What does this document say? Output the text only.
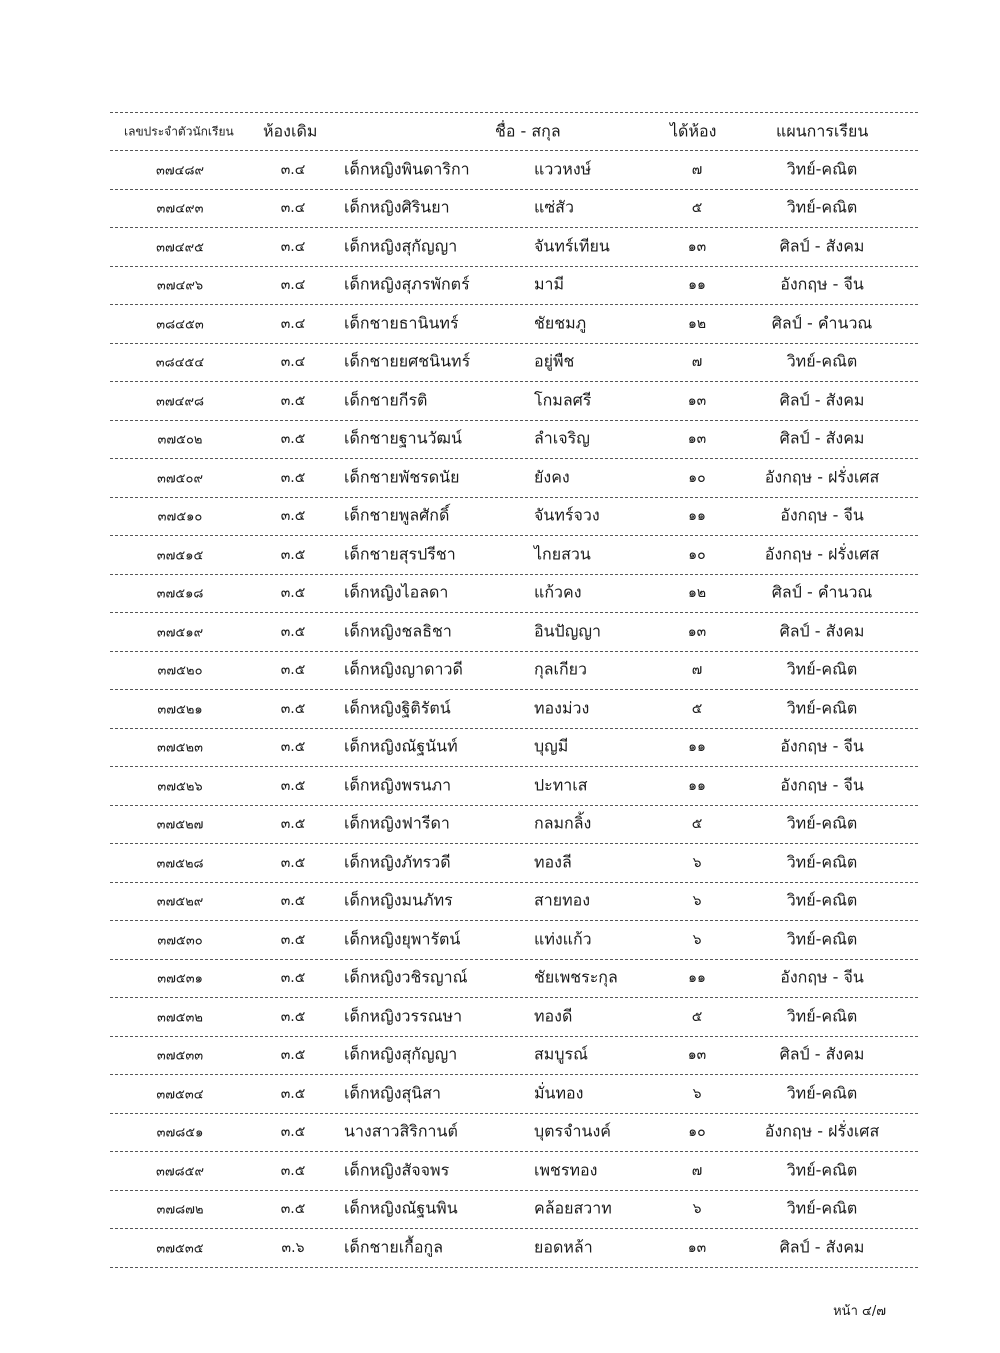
เลขประจำตัวนักเรียน ห้องเดิม	ชื่อ - สกุล	ได้ห้อง	แผนการเรียน
๓๗๔๘๙	๓.๔ เด็กหญิงพินดาริกา	แววหงษ์	๗	วิทย์-คณิต
๓๗๔๙๓	๓.๔ เด็กหญิงศิรินยา	แซ่สัว	๕	วิทย์-คณิต
๓๗๔๙๕	๓.๔ เด็กหญิงสุกัญญา	จันทร์เทียน	๑๓	ศิลป์ - สังคม
๓๗๔๙๖	๓.๔ เด็กหญิงสุภรพักตร์	มามี	๑๑	อังกฤษ - จีน
๓๘๔๕๓	๓.๔ เด็กชายธานินทร์	ชัยชมภู	๑๒	ศิลป์ - คำนวณ
๓๘๔๕๔	๓.๔ เด็กชายยศชนินทร์	อยู่พืช	๗	วิทย์-คณิต
๓๗๔๙๘	๓.๕ เด็กชายกีรติ	โกมลศรี	๑๓	ศิลป์ - สังคม
๓๗๕๐๒	๓.๕ เด็กชายฐานวัฒน์	ลำเจริญ	๑๓	ศิลป์ - สังคม
๓๗๕๐๙	๓.๕ เด็กชายพัชรดนัย	ยังคง	๑๐	อังกฤษ - ฝรั่งเศส
๓๗๕๑๐	๓.๕ เด็กชายพูลศักดิ์	จันทร์จวง	๑๑	อังกฤษ - จีน
๓๗๕๑๕	๓.๕ เด็กชายสุรปรีชา	ไกยสวน	๑๐	อังกฤษ - ฝรั่งเศส
๓๗๕๑๘	๓.๕ เด็กหญิงไอลดา	แก้วคง	๑๒	ศิลป์ - คำนวณ
๓๗๕๑๙	๓.๕ เด็กหญิงชลธิชา	อินปัญญา	๑๓	ศิลป์ - สังคม
๓๗๕๒๐	๓.๕ เด็กหญิงญาดาวดี	กุลเกียว	๗	วิทย์-คณิต
๓๗๕๒๑	๓.๕ เด็กหญิงฐิติรัตน์	ทองม่วง	๕	วิทย์-คณิต
๓๗๕๒๓	๓.๕ เด็กหญิงณัฐนันท์	บุญมี	๑๑	อังกฤษ - จีน
๓๗๕๒๖	๓.๕ เด็กหญิงพรนภา	ปะทาเส	๑๑	อังกฤษ - จีน
๓๗๕๒๗	๓.๕ เด็กหญิงฟารีดา	กลมกลิ้ง	๕	วิทย์-คณิต
๓๗๕๒๘	๓.๕ เด็กหญิงภัทรวดี	ทองลี	๖	วิทย์-คณิต
๓๗๕๒๙	๓.๕ เด็กหญิงมนภัทร	สายทอง	๖	วิทย์-คณิต
๓๗๕๓๐	๓.๕ เด็กหญิงยุพารัตน์	แท่งแก้ว	๖	วิทย์-คณิต
๓๗๕๓๑	๓.๕ เด็กหญิงวชิรญาณ์	ชัยเพชระกุล	๑๑	อังกฤษ - จีน
๓๗๕๓๒	๓.๕ เด็กหญิงวรรณษา	ทองดี	๕	วิทย์-คณิต
๓๗๕๓๓	๓.๕ เด็กหญิงสุกัญญา	สมบูรณ์	๑๓	ศิลป์ - สังคม
๓๗๕๓๔	๓.๕ เด็กหญิงสุนิสา	มั่นทอง	๖	วิทย์-คณิต
๓๗๘๕๑	๓.๕ นางสาวสิริกานต์	บุตรจำนงค์	๑๐	อังกฤษ - ฝรั่งเศส
๓๗๘๕๙	๓.๕ เด็กหญิงสัจจพร	เพชรทอง	๗	วิทย์-คณิต
๓๗๘๗๒	๓.๕ เด็กหญิงณัฐนพิน	คล้อยสวาท	๖	วิทย์-คณิต
๓๗๕๓๕	๓.๖ เด็กชายเกื้อกูล	ยอดหล้า	๑๓	ศิลป์ - สังคม
หน้า ๔/๗
